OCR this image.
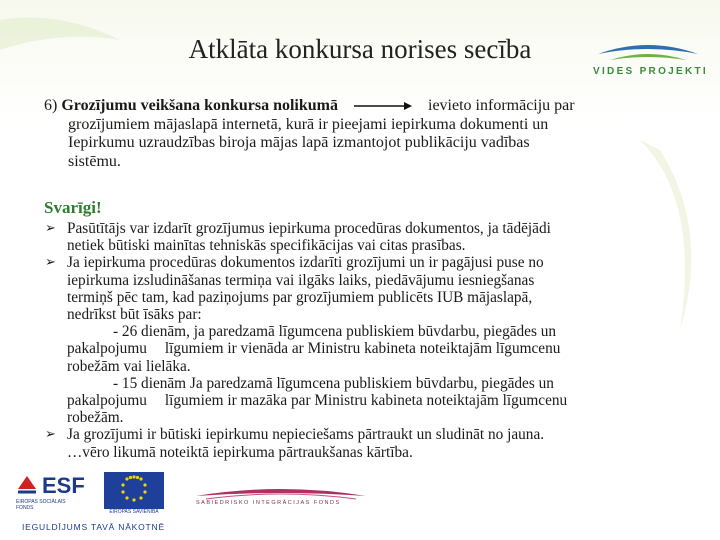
Atklāta konkursa norises secība
VIDES PROJEKTI
6) Grozījumu veikšana konkursa nolikumā	ievieto informāciju par
grozījumiem mājaslapā internetā, kurā ir pieejami iepirkuma dokumenti un
Iepirkumu uzraudzības biroja mājas lapā izmantojot publikāciju vadības
sistēmu.
Svarīgi!
➢ Pasūtītājs var izdarīt grozījumus iepirkuma procedūras dokumentos, ja tādējādi
netiek būtiski mainītas tehniskās specifikācijas vai citas prasības.
➢ Ja iepirkuma procedūras dokumentos izdarīti grozījumi un ir pagājusi puse no
iepirkuma izsludināšanas termiņa vai ilgāks laiks, piedāvājumu iesniegšanas
termiņš pēc tam, kad paziņojums par grozījumiem publicēts IUB mājaslapā,
nedrīkst būt īsāks par:
- 26 dienām, ja paredzamā līgumcena publiskiem būvdarbu, piegādes un
pakalpojumu līgumiem ir vienāda ar Ministru kabineta noteiktajām līgumcenu
robežām vai lielāka.
- 15 dienām Ja paredzamā līgumcena publiskiem būvdarbu, piegādes un
pakalpojumu līgumiem ir mazāka par Ministru kabineta noteiktajām līgumcenu
robežām.
➢ Ja grozījumi ir būtiski iepirkumu nepieciešams pārtraukt un sludināt no jauna.
…vēro likumā noteiktā iepirkuma pārtraukšanas kārtība.
ESF
EIROPAS SOCIĀLAIS FONDS
EIROPAS SAVIENĪBA
SABIEDRISKO INTEGRĀCIJAS FONDS
IEGULDĪJUMS TAVĀ NĀKOTNĒ
